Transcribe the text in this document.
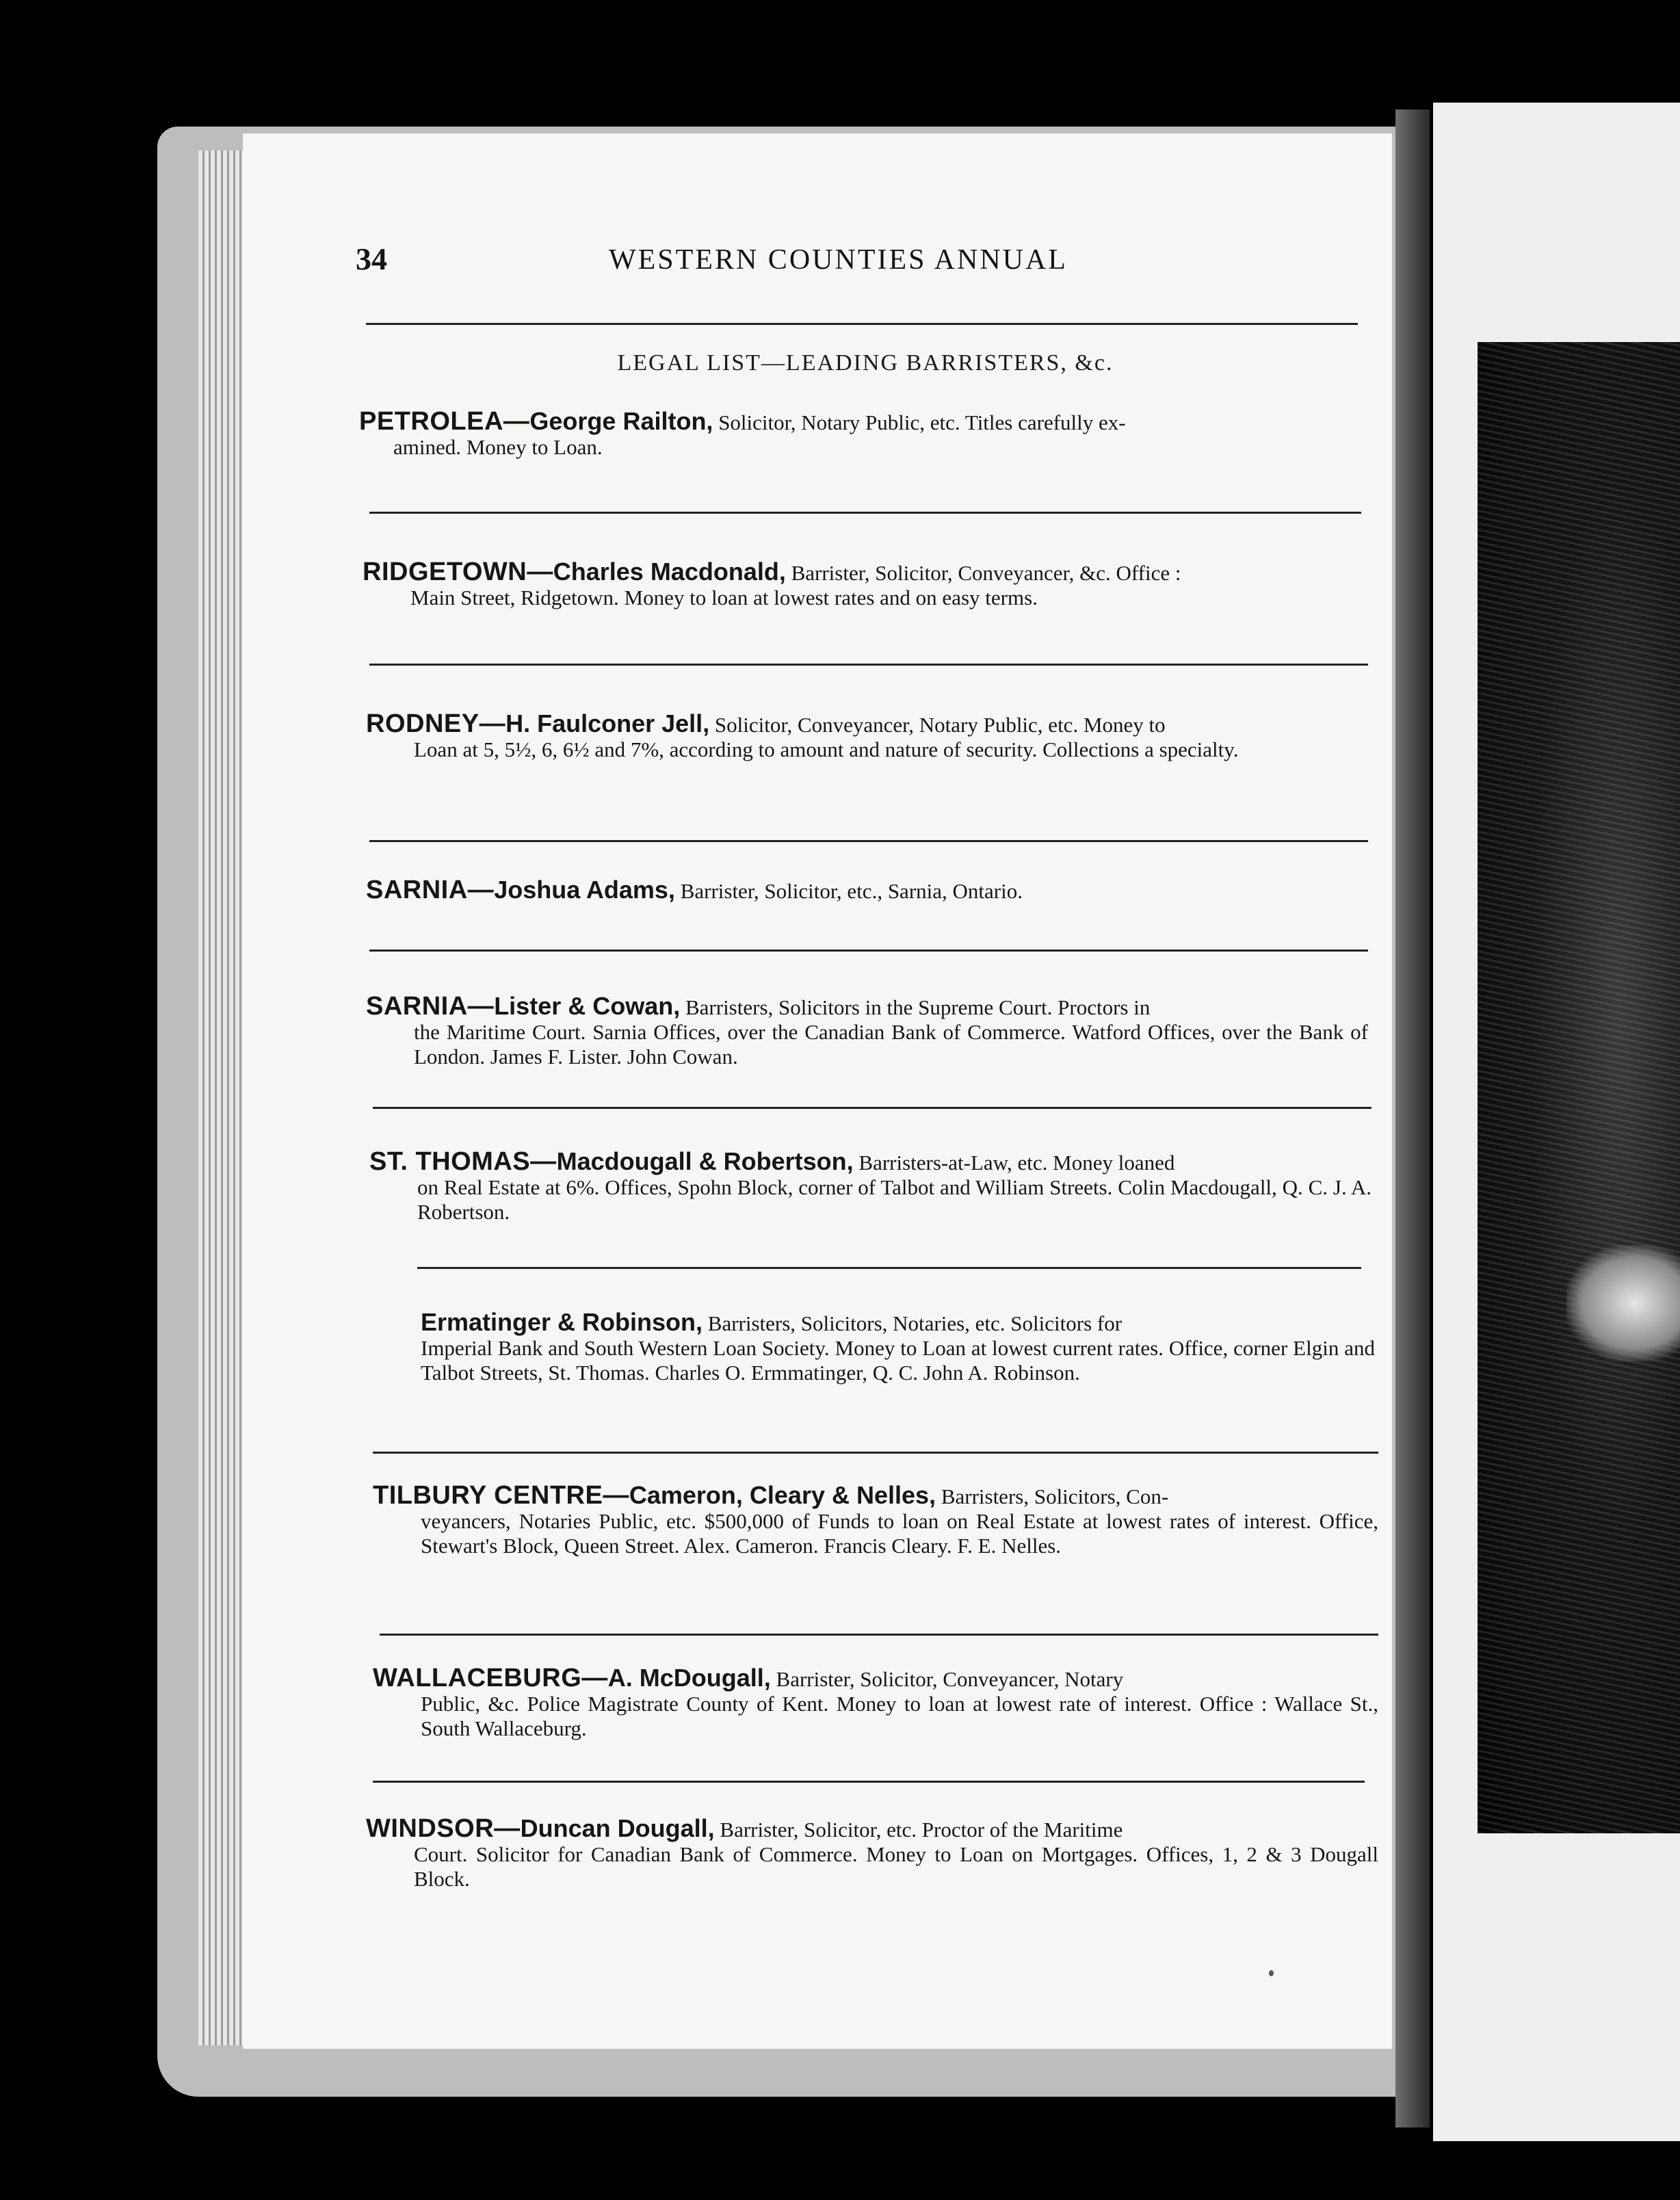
34	WESTERN COUNTIES ANNUAL
LEGAL LIST—LEADING BARRISTERS, &c.
PETROLEA—George Railton, Solicitor, Notary Public, etc. Titles carefully ex-
amined. Money to Loan.
RIDGETOWN—Charles Macdonald, Barrister, Solicitor, Conveyancer, &c. Office :
Main Street, Ridgetown. Money to loan at lowest rates and on easy terms.
RODNEY—H. Faulconer Jell, Solicitor, Conveyancer, Notary Public, etc. Money to
Loan at 5, 5½, 6, 6½ and 7%, according to amount and nature of security. Collections a specialty.
SARNIA—Joshua Adams, Barrister, Solicitor, etc., Sarnia, Ontario.
SARNIA—Lister & Cowan, Barristers, Solicitors in the Supreme Court. Proctors in
the Maritime Court. Sarnia Offices, over the Canadian Bank of Commerce. Watford Offices, over the Bank of London. James F. Lister. John Cowan.
ST. THOMAS—Macdougall & Robertson, Barristers-at-Law, etc. Money loaned
on Real Estate at 6%. Offices, Spohn Block, corner of Talbot and William Streets. Colin Macdougall, Q. C. J. A. Robertson.
Ermatinger & Robinson, Barristers, Solicitors, Notaries, etc. Solicitors for
Imperial Bank and South Western Loan Society. Money to Loan at lowest current rates. Office, corner Elgin and Talbot Streets, St. Thomas. Charles O. Ermmatinger, Q. C. John A. Robinson.
TILBURY CENTRE—Cameron, Cleary & Nelles, Barristers, Solicitors, Con-
veyancers, Notaries Public, etc. $500,000 of Funds to loan on Real Estate at lowest rates of interest. Office, Stewart's Block, Queen Street. Alex. Cameron. Francis Cleary. F. E. Nelles.
WALLACEBURG—A. McDougall, Barrister, Solicitor, Conveyancer, Notary
Public, &c. Police Magistrate County of Kent. Money to loan at lowest rate of interest. Office : Wallace St., South Wallaceburg.
WINDSOR—Duncan Dougall, Barrister, Solicitor, etc. Proctor of the Maritime
Court. Solicitor for Canadian Bank of Commerce. Money to Loan on Mortgages. Offices, 1, 2 & 3 Dougall Block.
